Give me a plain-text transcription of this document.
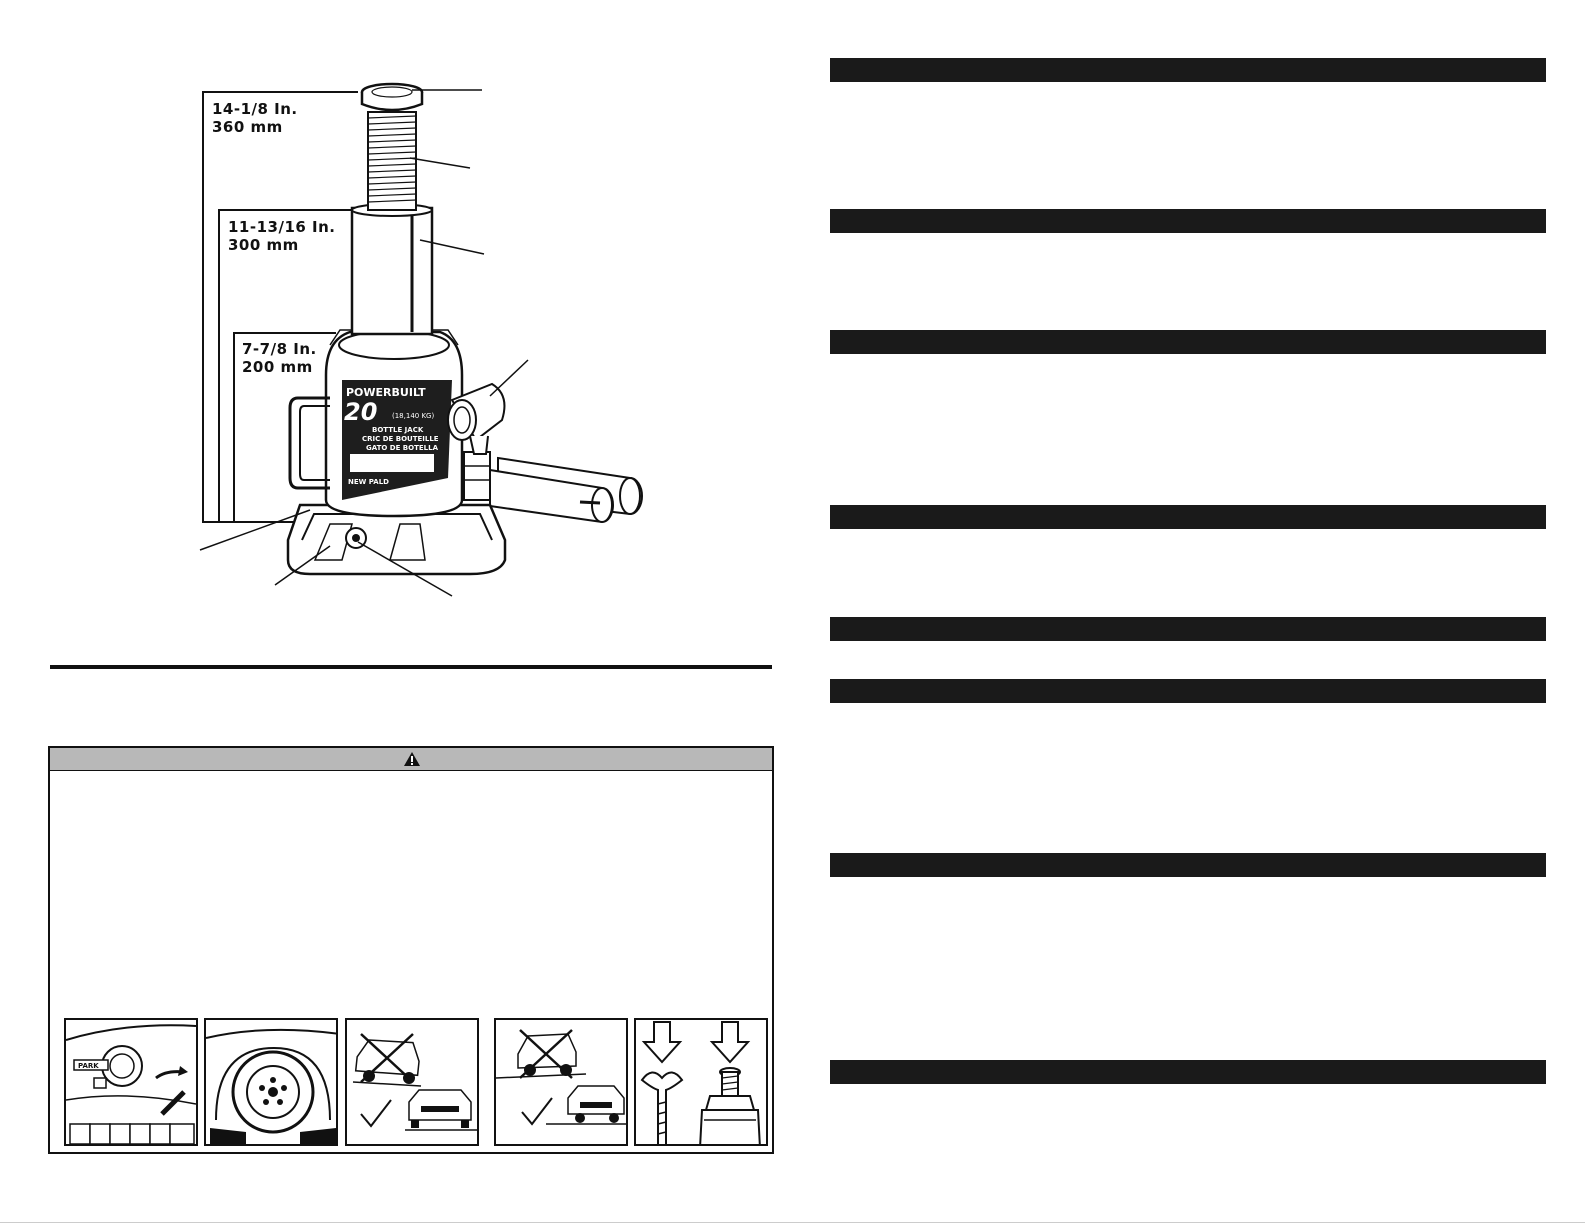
POWERBUILT
20 (18,140 KG)
BOTTLE JACK
CRIC DE BOUTEILLE
GATO DE BOTELLA
NEW PALD
14-1/8 In.
360 mm
11-13/16 In.
300 mm
7-7/8 In.
200 mm
PARK
